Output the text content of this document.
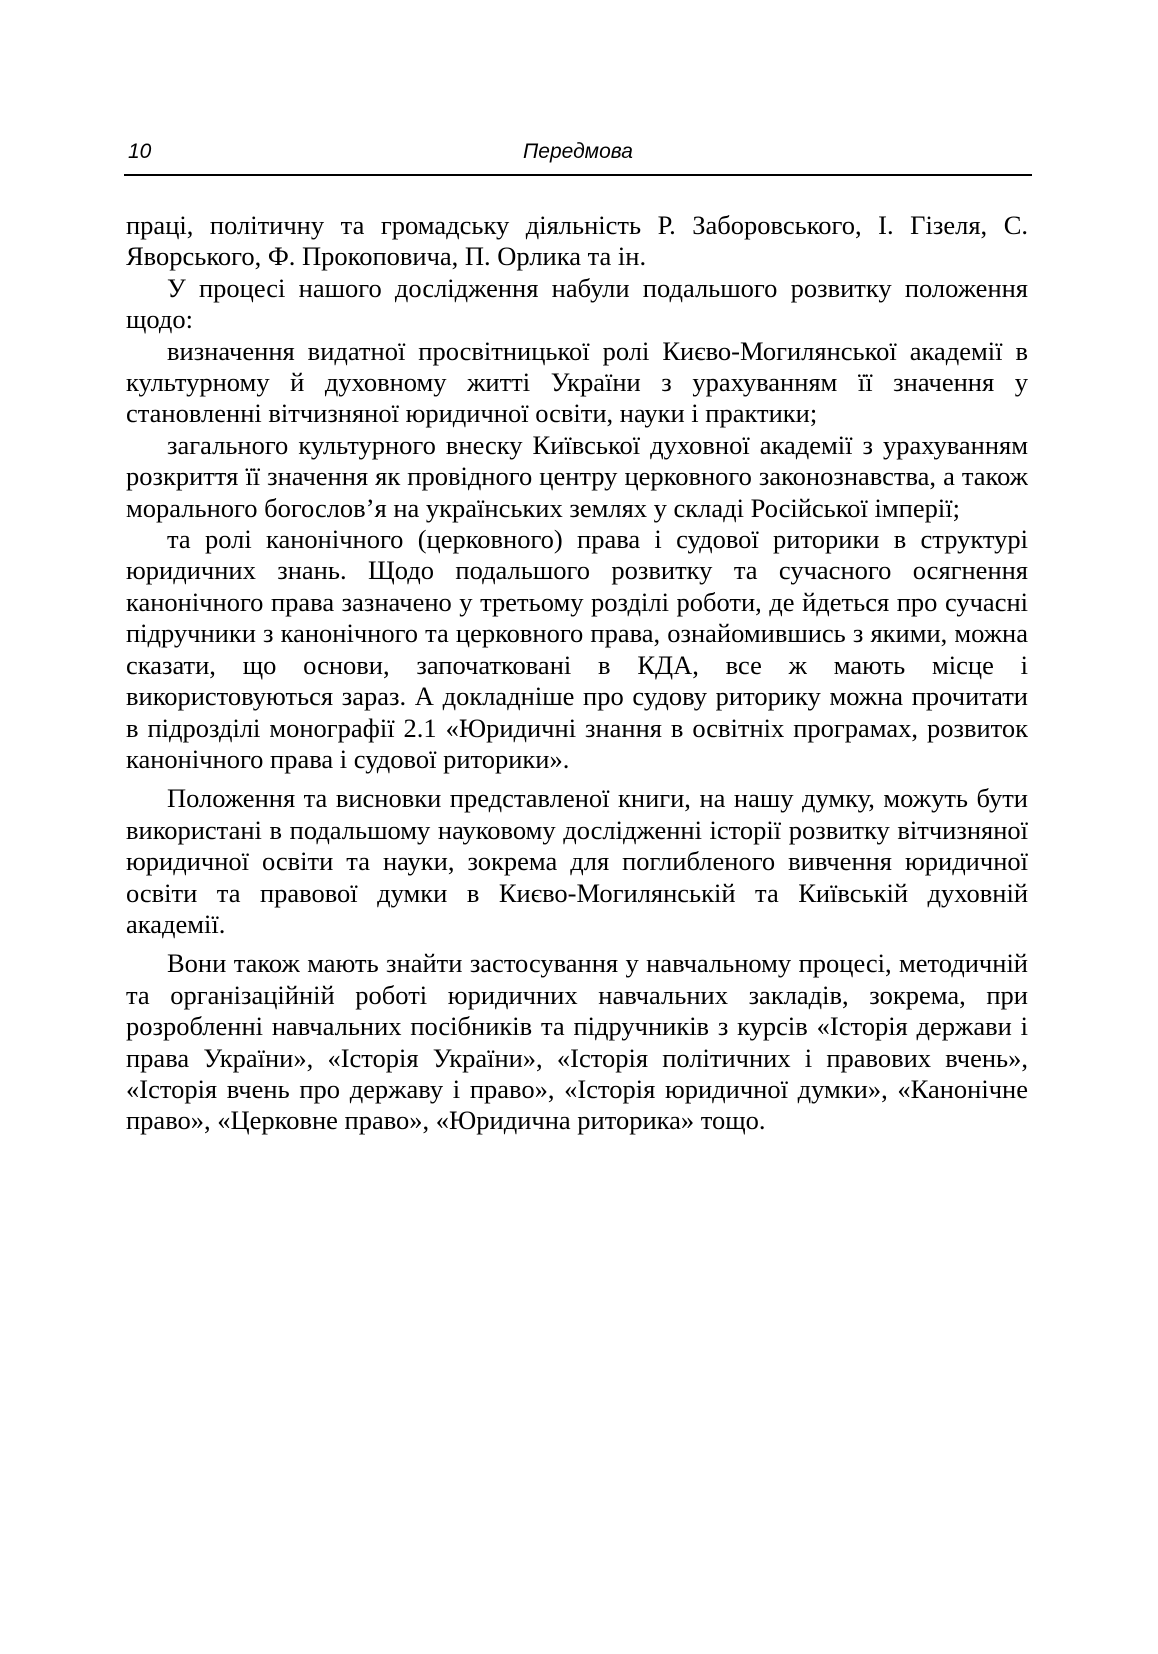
10	Передмова

праці, політичну та громадську діяльність Р. Заборовського, І. Гізеля, С. Яворського, Ф. Прокоповича, П. Орлика та ін.

У процесі нашого дослідження набули подальшого розвитку положення щодо:

визначення видатної просвітницької ролі Києво-Могилянської академії в культурному й духовному житті України з урахуванням її значення у становленні вітчизняної юридичної освіти, науки і практики;

загального культурного внеску Київської духовної академії з урахуванням розкриття її значення як провідного центру церковного законознавства, а також морального богослов’я на українських землях у складі Російської імперії;

та ролі канонічного (церковного) права і судової риторики в структурі юридичних знань. Щодо подальшого розвитку та сучасного осягнення канонічного права зазначено у третьому розділі роботи, де йдеться про сучасні підручники з канонічного та церковного права, ознайомившись з якими, можна сказати, що основи, започатковані в КДА, все ж мають місце і використовуються зараз. А докладніше про судову риторику можна прочитати в підрозділі монографії 2.1 «Юридичні знання в освітніх програмах, розвиток канонічного права і судової риторики».

Положення та висновки представленої книги, на нашу думку, можуть бути використані в подальшому науковому дослідженні історії розвитку вітчизняної юридичної освіти та науки, зокрема для поглибленого вивчення юридичної освіти та правової думки в Києво-Могилянській та Київській духовній академії.

Вони також мають знайти застосування у навчальному процесі, методичній та організаційній роботі юридичних навчальних закладів, зокрема, при розробленні навчальних посібників та підручників з курсів «Історія держави і права України», «Історія України», «Історія політичних і правових вчень», «Історія вчень про державу і право», «Історія юридичної думки», «Канонічне право», «Церковне право», «Юридична риторика» тощо.
